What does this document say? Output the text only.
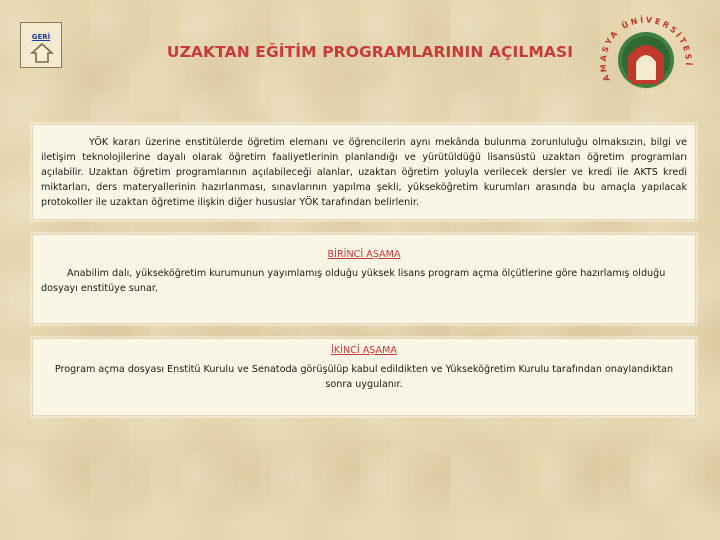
GERİ
UZAKTAN EĞİTİM PROGRAMLARININ AÇILMASI
AMASYA ÜNİVERSİTESİ
2006

YÖK kararı üzerine enstitülerde öğretim elemanı ve öğrencilerin aynı mekânda bulunma zorunluluğu olmaksızın, bilgi ve iletişim teknolojilerine dayalı olarak öğretim faaliyetlerinin planlandığı ve yürütüldüğü lisansüstü uzaktan öğretim programları açılabilir. Uzaktan öğretim programlarının açılabileceği alanlar, uzaktan öğretim yoluyla verilecek dersler ve kredi ile AKTS kredi miktarları, ders materyallerinin hazırlanması, sınavlarının yapılma şekli, yükseköğretim kurumları arasında bu amaçla yapılacak protokoller ile uzaktan öğretime ilişkin diğer hususlar YÖK tarafından belirlenir.

BİRİNCİ AŞAMA

Anabilim dalı, yükseköğretim kurumunun yayımlamış olduğu yüksek lisans program açma ölçütlerine göre hazırlamış olduğu dosyayı enstitüye sunar.

İKİNCİ AŞAMA

Program açma dosyası Enstitü Kurulu ve Senatoda görüşülüp kabul edildikten ve Yükseköğretim Kurulu tarafından onaylandıktan sonra uygulanır.
